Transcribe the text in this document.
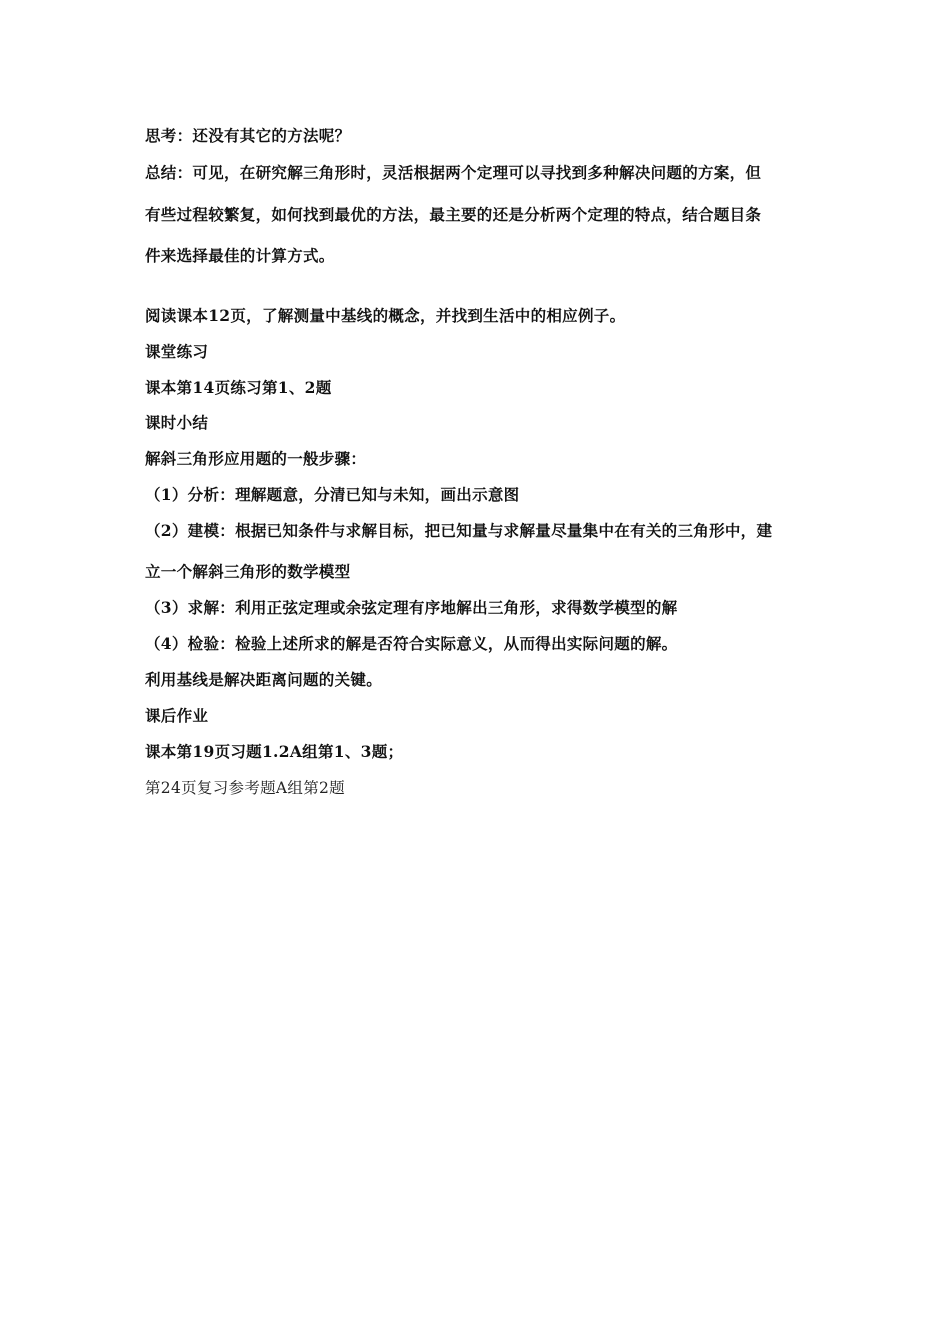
思考：还没有其它的方法呢？
总结：可见，在研究解三角形时，灵活根据两个定理可以寻找到多种解决问题的方案，但
有些过程较繁复，如何找到最优的方法，最主要的还是分析两个定理的特点，结合题目条
件来选择最佳的计算方式。
阅读课本12页，了解测量中基线的概念，并找到生活中的相应例子。
课堂练习
课本第14页练习第1、2题
课时小结
解斜三角形应用题的一般步骤：
（1）分析：理解题意，分清已知与未知，画出示意图
（2）建模：根据已知条件与求解目标，把已知量与求解量尽量集中在有关的三角形中，建
立一个解斜三角形的数学模型
（3）求解：利用正弦定理或余弦定理有序地解出三角形，求得数学模型的解
（4）检验：检验上述所求的解是否符合实际意义，从而得出实际问题的解。
利用基线是解决距离问题的关键。
课后作业
课本第19页习题1.2A组第1、3题；
第24页复习参考题A组第2题
